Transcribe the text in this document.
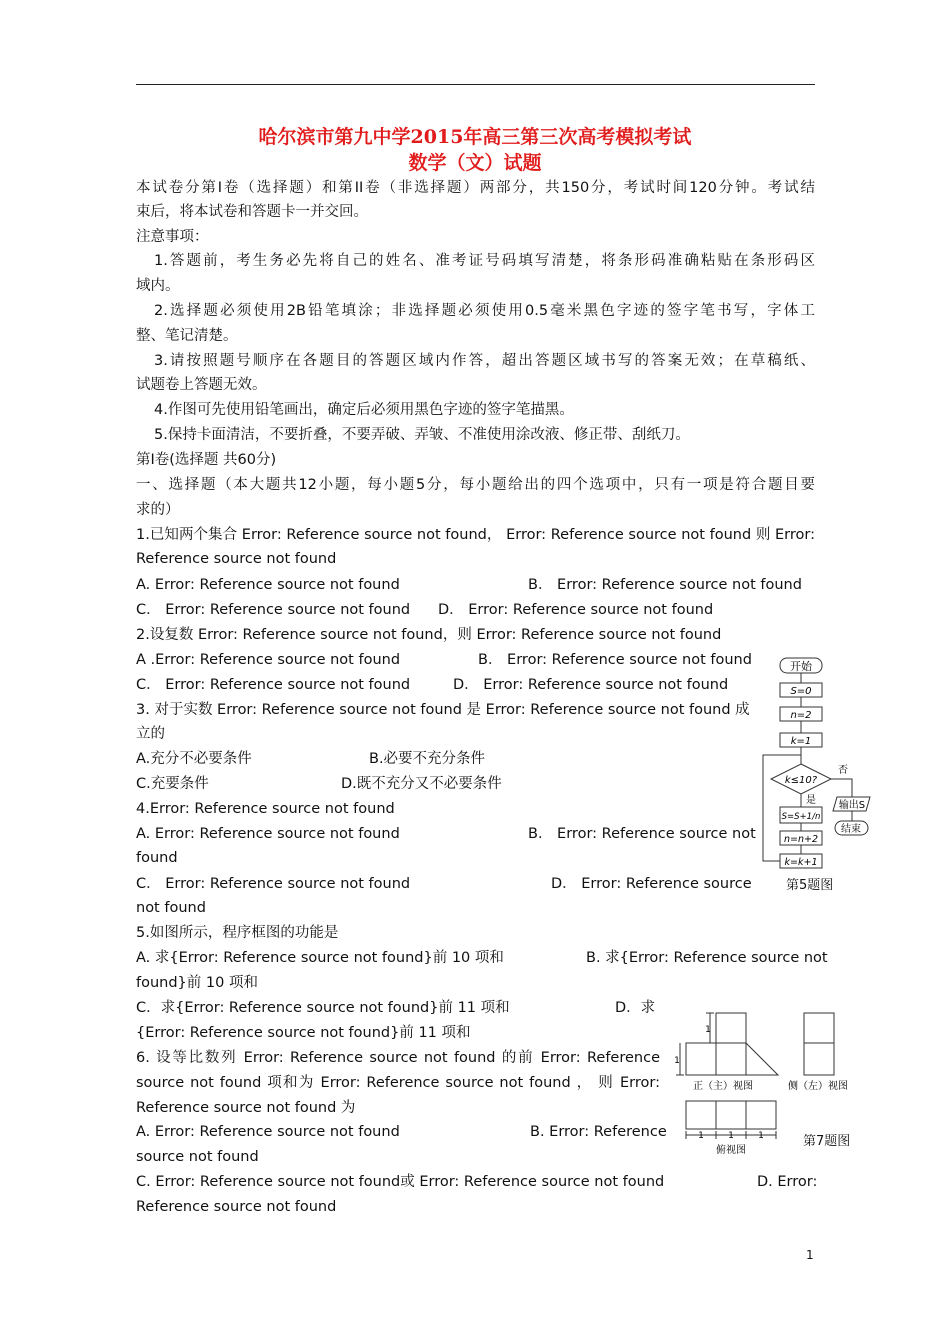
哈尔滨市第九中学2015年高三第三次高考模拟考试
数学（文）试题
本试卷分第I卷（选择题）和第II卷（非选择题）两部分，共150分，考试时间120分钟。考试结
束后，将本试卷和答题卡一并交回。
注意事项：
1.答题前，考生务必先将自己的姓名、准考证号码填写清楚，将条形码准确粘贴在条形码区
域内。
2.选择题必须使用2B铅笔填涂；非选择题必须使用0.5毫米黑色字迹的签字笔书写，字体工
整、笔记清楚。
3.请按照题号顺序在各题目的答题区域内作答，超出答题区域书写的答案无效；在草稿纸、
试题卷上答题无效。
4.作图可先使用铅笔画出，确定后必须用黑色字迹的签字笔描黑。
5.保持卡面清洁，不要折叠，不要弄破、弄皱、不准使用涂改液、修正带、刮纸刀。
第I卷(选择题 共60分)
一、选择题（本大题共12小题，每小题5分，每小题给出的四个选项中，只有一项是符合题目要
求的）
1.已知两个集合 Error: Reference source not found， Error: Reference source not found 则 Error:
Reference source not found
A. Error: Reference source not found	B． Error: Reference source not found
C． Error: Reference source not found D． Error: Reference source not found
2.设复数 Error: Reference source not found，则 Error: Reference source not found
A .Error: Reference source not found	B． Error: Reference source not found
C． Error: Reference source not found	D． Error: Reference source not found
3. 对于实数 Error: Reference source not found 是 Error: Reference source not found 成
立的
A.充分不必要条件	B.必要不充分条件
C.充要条件	D.既不充分又不必要条件
4.Error: Reference source not found
A. Error: Reference source not found	B． Error: Reference source not
found
C． Error: Reference source not found	D． Error: Reference source
not found
5.如图所示，程序框图的功能是
A. 求{Error: Reference source not found}前 10 项和	B. 求{Error: Reference source not
found}前 10 项和
C．求{Error: Reference source not found}前 11 项和	D．求
{Error: Reference source not found}前 11 项和
6. 设等比数列 Error: Reference source not found 的前 Error: Reference
source not found 项和为 Error: Reference source not found ， 则 Error:
Reference source not found 为
A. Error: Reference source not found	B. Error: Reference
source not found
C. Error: Reference source not found或 Error: Reference source not found	D. Error:
Reference source not found
开始
S=0
n=2
k=1
k≤10?
否
是 输出S
结束
S=S+1/n
n=n+2
k=k+1
第5题图
1
1
1	1	1
正（主）视图	侧（左）视图
俯视图
第7题图
1
